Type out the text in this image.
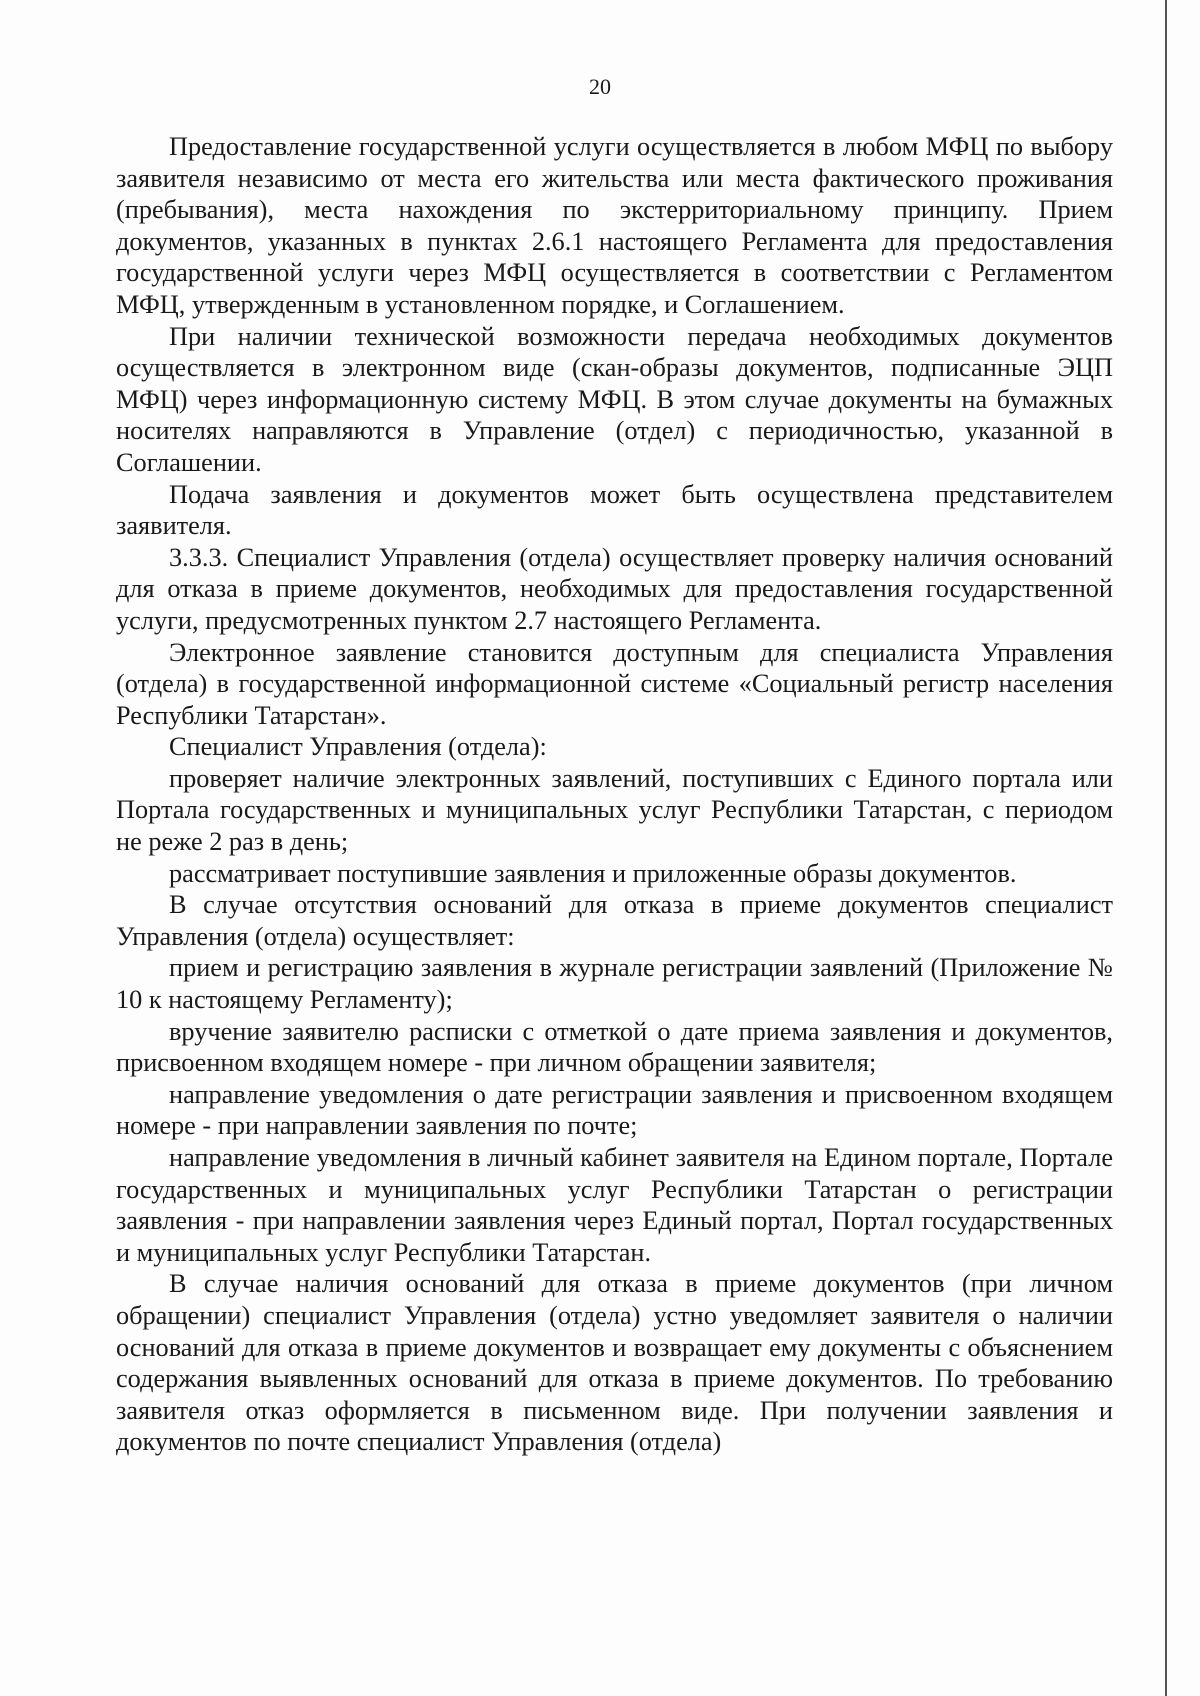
20

Предоставление государственной услуги осуществляется в любом МФЦ по выбору заявителя независимо от места его жительства или места фактического проживания (пребывания), места нахождения по экстерриториальному принципу. Прием документов, указанных в пунктах 2.6.1 настоящего Регламента для предоставления государственной услуги через МФЦ осуществляется в соответствии с Регламентом МФЦ, утвержденным в установленном порядке, и Соглашением.

При наличии технической возможности передача необходимых документов осуществляется в электронном виде (скан-образы документов, подписанные ЭЦП МФЦ) через информационную систему МФЦ. В этом случае документы на бумажных носителях направляются в Управление (отдел) с периодичностью, указанной в Соглашении.

Подача заявления и документов может быть осуществлена представителем заявителя.

3.3.3. Специалист Управления (отдела) осуществляет проверку наличия оснований для отказа в приеме документов, необходимых для предоставления государственной услуги, предусмотренных пунктом 2.7 настоящего Регламента.

Электронное заявление становится доступным для специалиста Управления (отдела) в государственной информационной системе «Социальный регистр населения Республики Татарстан».

Специалист Управления (отдела):

проверяет наличие электронных заявлений, поступивших с Единого портала или Портала государственных и муниципальных услуг Республики Татарстан, с периодом не реже 2 раз в день;

рассматривает поступившие заявления и приложенные образы документов.

В случае отсутствия оснований для отказа в приеме документов специалист Управления (отдела) осуществляет:

прием и регистрацию заявления в журнале регистрации заявлений (Приложение № 10 к настоящему Регламенту);

вручение заявителю расписки с отметкой о дате приема заявления и документов, присвоенном входящем номере - при личном обращении заявителя;

направление уведомления о дате регистрации заявления и присвоенном входящем номере - при направлении заявления по почте;

направление уведомления в личный кабинет заявителя на Едином портале, Портале государственных и муниципальных услуг Республики Татарстан о регистрации заявления - при направлении заявления через Единый портал, Портал государственных и муниципальных услуг Республики Татарстан.

В случае наличия оснований для отказа в приеме документов (при личном обращении) специалист Управления (отдела) устно уведомляет заявителя о наличии оснований для отказа в приеме документов и возвращает ему документы с объяснением содержания выявленных оснований для отказа в приеме документов. По требованию заявителя отказ оформляется в письменном виде. При получении заявления и документов по почте специалист Управления (отдела)
